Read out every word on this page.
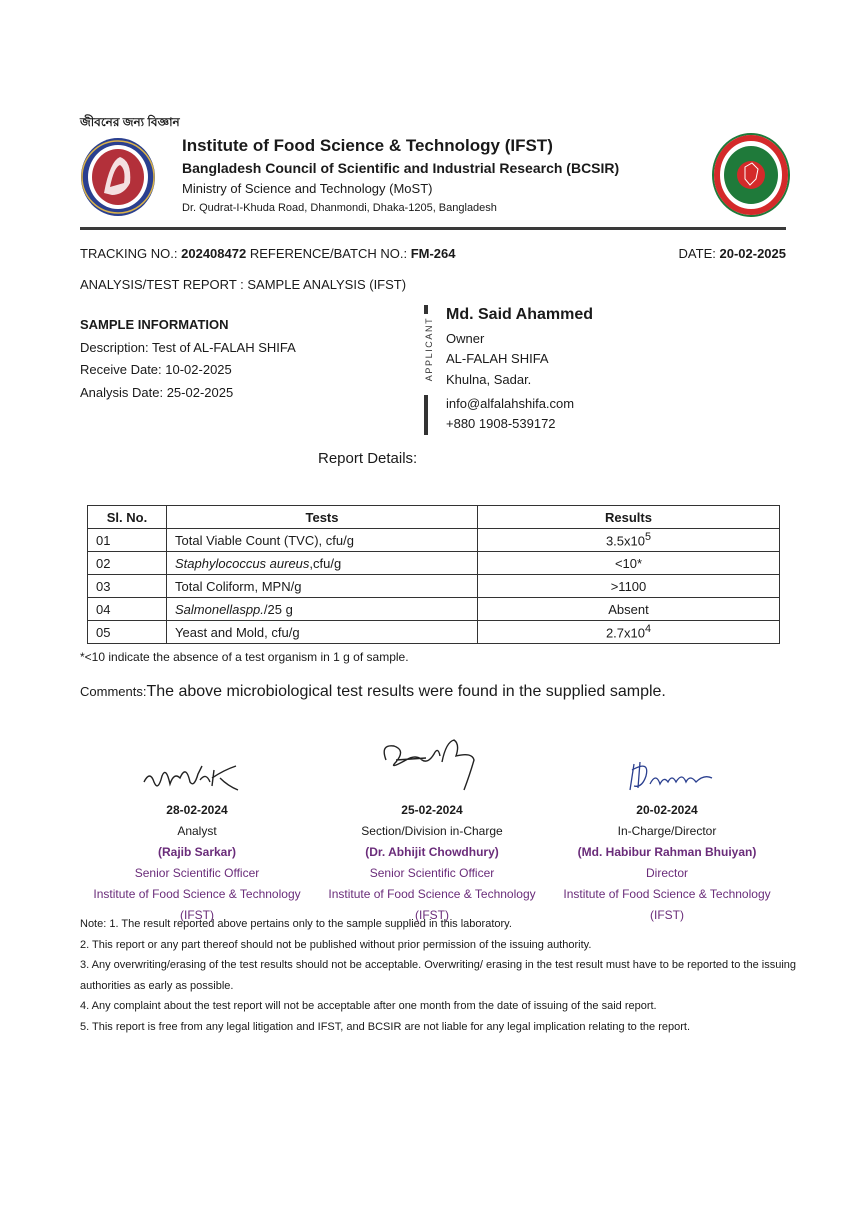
জীবনের জন্য বিজ্ঞান
Institute of Food Science & Technology (IFST)
Bangladesh Council of Scientific and Industrial Research (BCSIR)
Ministry of Science and Technology (MoST)
Dr. Qudrat-I-Khuda Road, Dhanmondi, Dhaka-1205, Bangladesh
TRACKING NO.: 202408472 REFERENCE/BATCH NO.: FM-264	DATE: 20-02-2025
ANALYSIS/TEST REPORT : SAMPLE ANALYSIS (IFST)
SAMPLE INFORMATION
Description: Test of AL-FALAH SHIFA
Receive Date: 10-02-2025
Analysis Date: 25-02-2025
APPLICANT
Md. Said Ahammed
Owner
AL-FALAH SHIFA
Khulna, Sadar.
info@alfalahshifa.com
+880 1908-539172
Report Details:
Sl. No.	Tests	Results
01	Total Viable Count (TVC), cfu/g	$3.5x10^5$
02	Staphylococcus aureus,cfu/g	<10*
03	Total Coliform, MPN/g	>1100
04	Salmonellaspp./25 g	Absent
05	Yeast and Mold, cfu/g	$2.7x10^4$
*<10 indicate the absence of a test organism in 1 g of sample.
Comments:The above microbiological test results were found in the supplied sample.
28-02-2024
Analyst
(Rajib Sarkar)
Senior Scientific Officer
Institute of Food Science & Technology (IFST)
25-02-2024
Section/Division in-Charge
(Dr. Abhijit Chowdhury)
Senior Scientific Officer
Institute of Food Science & Technology (IFST)
20-02-2024
In-Charge/Director
(Md. Habibur Rahman Bhuiyan)
Director
Institute of Food Science & Technology (IFST)
Note: 1. The result reported above pertains only to the sample supplied in this laboratory.
2. This report or any part thereof should not be published without prior permission of the issuing authority.
3. Any overwriting/erasing of the test results should not be acceptable. Overwriting/ erasing in the test result must have to be reported to the issuing authorities as early as possible.
4. Any complaint about the test report will not be acceptable after one month from the date of issuing of the said report.
5. This report is free from any legal litigation and IFST, and BCSIR are not liable for any legal implication relating to the report.
